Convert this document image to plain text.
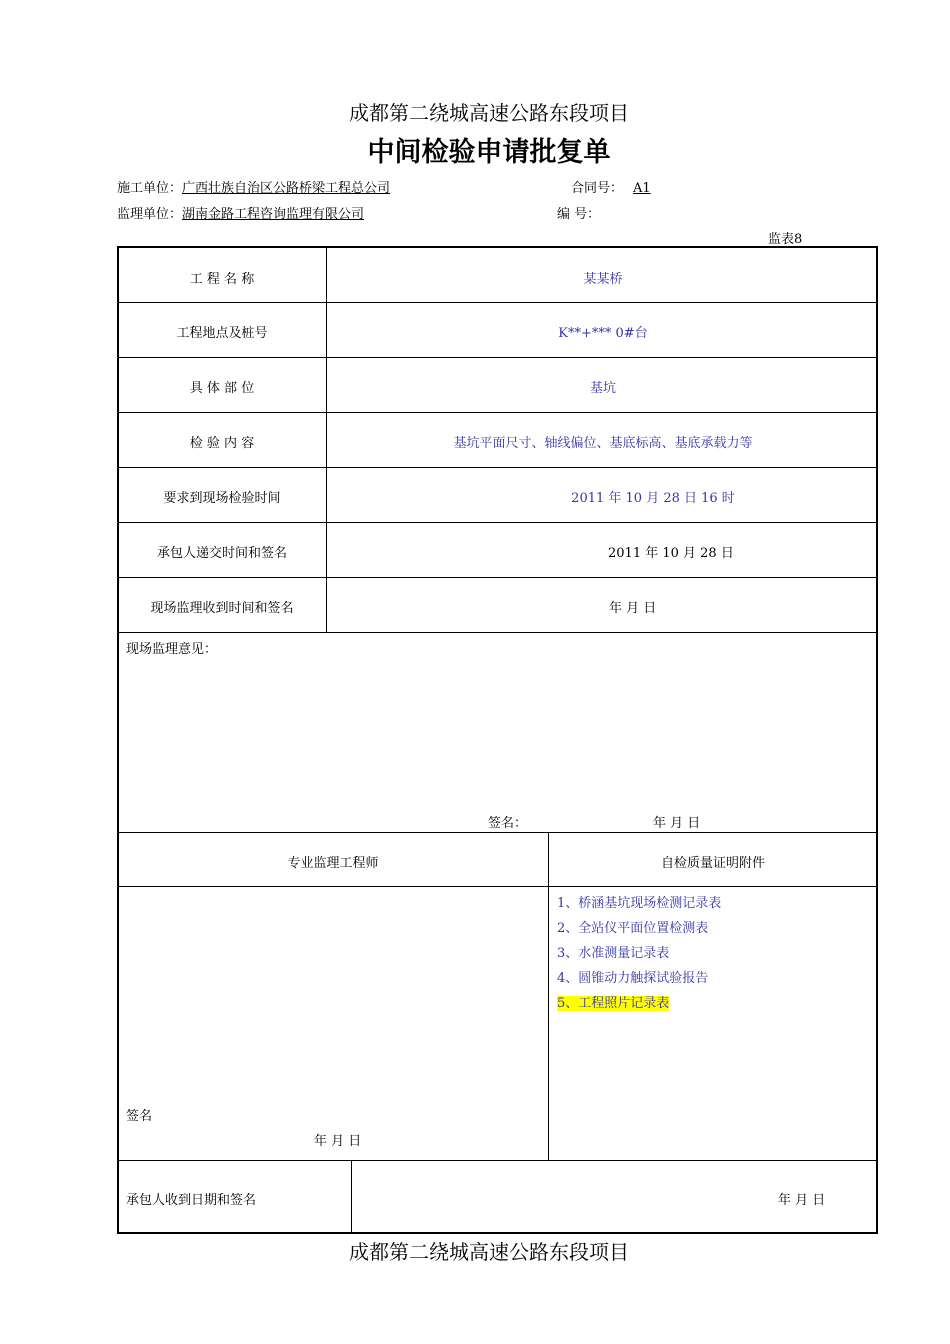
成都第二绕城高速公路东段项目
中间检验申请批复单
施工单位：广西壮族自治区公路桥梁工程总公司	合同号： A1
监理单位：湖南金路工程咨询监理有限公司	编 号：
监表8
工 程 名 称	某某桥
工程地点及桩号	K**+*** 0#台
具 体 部 位	基坑
检 验 内 容	基坑平面尺寸、轴线偏位、基底标高、基底承载力等
要求到现场检验时间	2011 年 10 月 28 日 16 时
承包人递交时间和签名	2011 年 10 月 28 日
现场监理收到时间和签名	年 月 日
现场监理意见：
签名：	年 月 日
专业监理工程师	自检质量证明附件
1、桥涵基坑现场检测记录表
2、全站仪平面位置检测表
3、水准测量记录表
4、圆锥动力触探试验报告
5、工程照片记录表
签名
年 月 日
承包人收到日期和签名	年 月 日
成都第二绕城高速公路东段项目
